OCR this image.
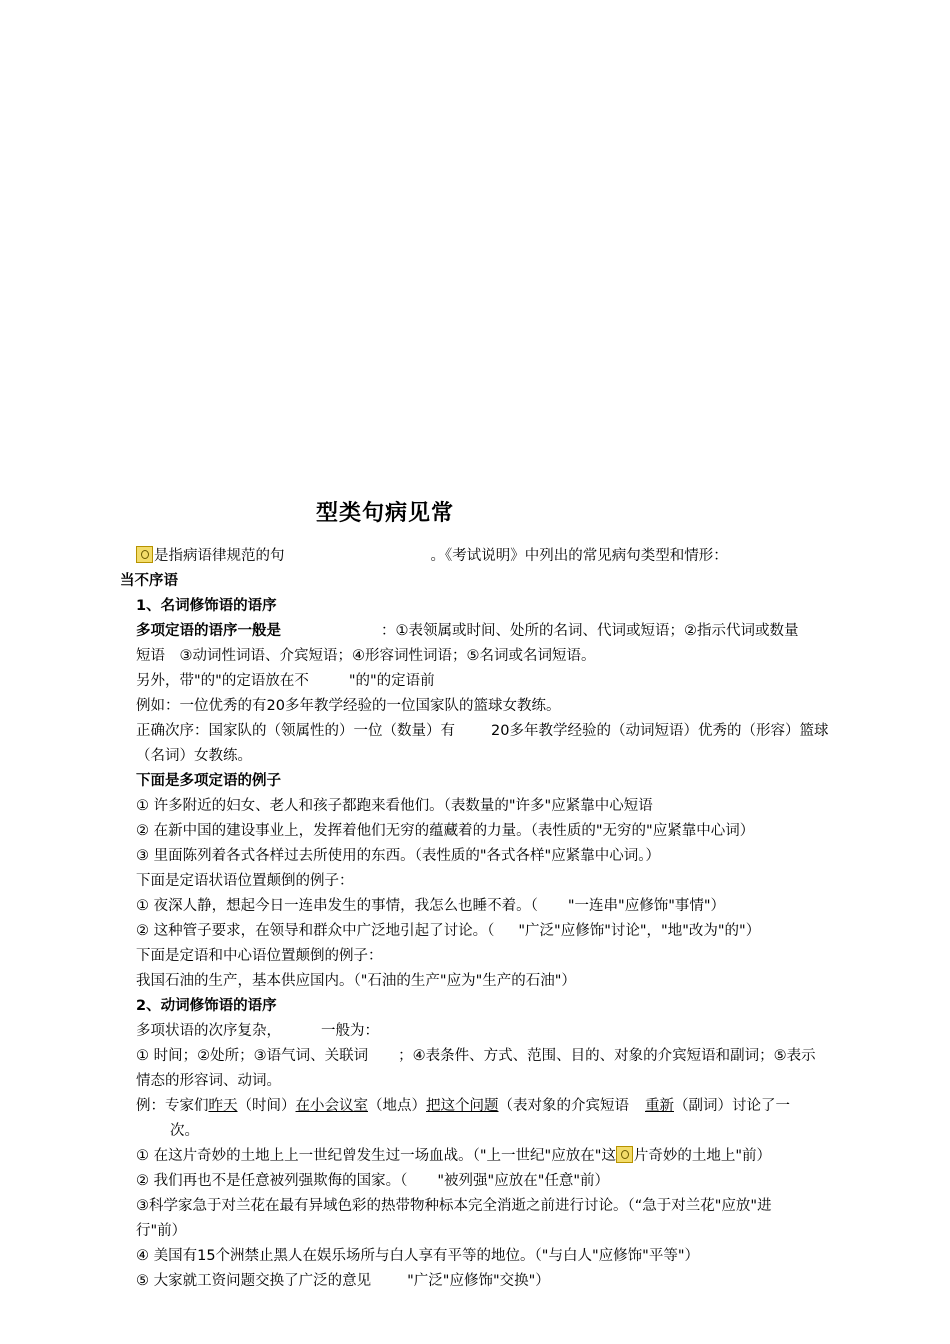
型类句病见常
是指病语律规范的句	。《考试说明》中列出的常见病句类型和情形：
当不序语
1、名词修饰语的语序
多项定语的语序一般是	：①表领属或时间、处所的名词、代词或短语；②指示代词或数量
短语　③动词性词语、介宾短语；④形容词性词语；⑤名词或名词短语。
另外，带"的"的定语放在不	"的"的定语前
例如：一位优秀的有20多年教学经验的一位国家队的篮球女教练。
正确次序：国家队的（领属性的）一位（数量）有 20多年教学经验的（动词短语）优秀的（形容）篮球
（名词）女教练。
下面是多项定语的例子
① 许多附近的妇女、老人和孩子都跑来看他们。（表数量的"许多"应紧靠中心短语
② 在新中国的建设事业上，发挥着他们无穷的蕴藏着的力量。（表性质的"无穷的"应紧靠中心词）
③ 里面陈列着各式各样过去所使用的东西。（表性质的"各式各样"应紧靠中心词。）
下面是定语状语位置颠倒的例子：
① 夜深人静，想起今日一连串发生的事情，我怎么也睡不着。（ "一连串"应修饰"事情"）
② 这种管子要求，在领导和群众中广泛地引起了讨论。（ "广泛"应修饰"讨论"，"地"改为"的"）
下面是定语和中心语位置颠倒的例子：
我国石油的生产，基本供应国内。（"石油的生产"应为"生产的石油"）
2、动词修饰语的语序
多项状语的次序复杂，	一般为：
① 时间；②处所；③语气词、关联词 ；④表条件、方式、范围、目的、对象的介宾短语和副词；⑤表示
情态的形容词、动词。
例：专家们昨天（时间）在小会议室（地点）把这个问题（表对象的介宾短语 重新（副词）讨论了一
次。
① 在这片奇妙的土地上上一世纪曾发生过一场血战。（"上一世纪"应放在"这 片奇妙的土地上"前）
② 我们再也不是任意被列强欺侮的国家。（ "被列强"应放在"任意"前）
③科学家急于对兰花在最有异域色彩的热带物种标本完全消逝之前进行讨论。（“急于对兰花"应放"进
行"前）
④ 美国有15个洲禁止黑人在娱乐场所与白人享有平等的地位。（"与白人"应修饰"平等"）
⑤ 大家就工资问题交换了广泛的意见 "广泛"应修饰"交换"）
